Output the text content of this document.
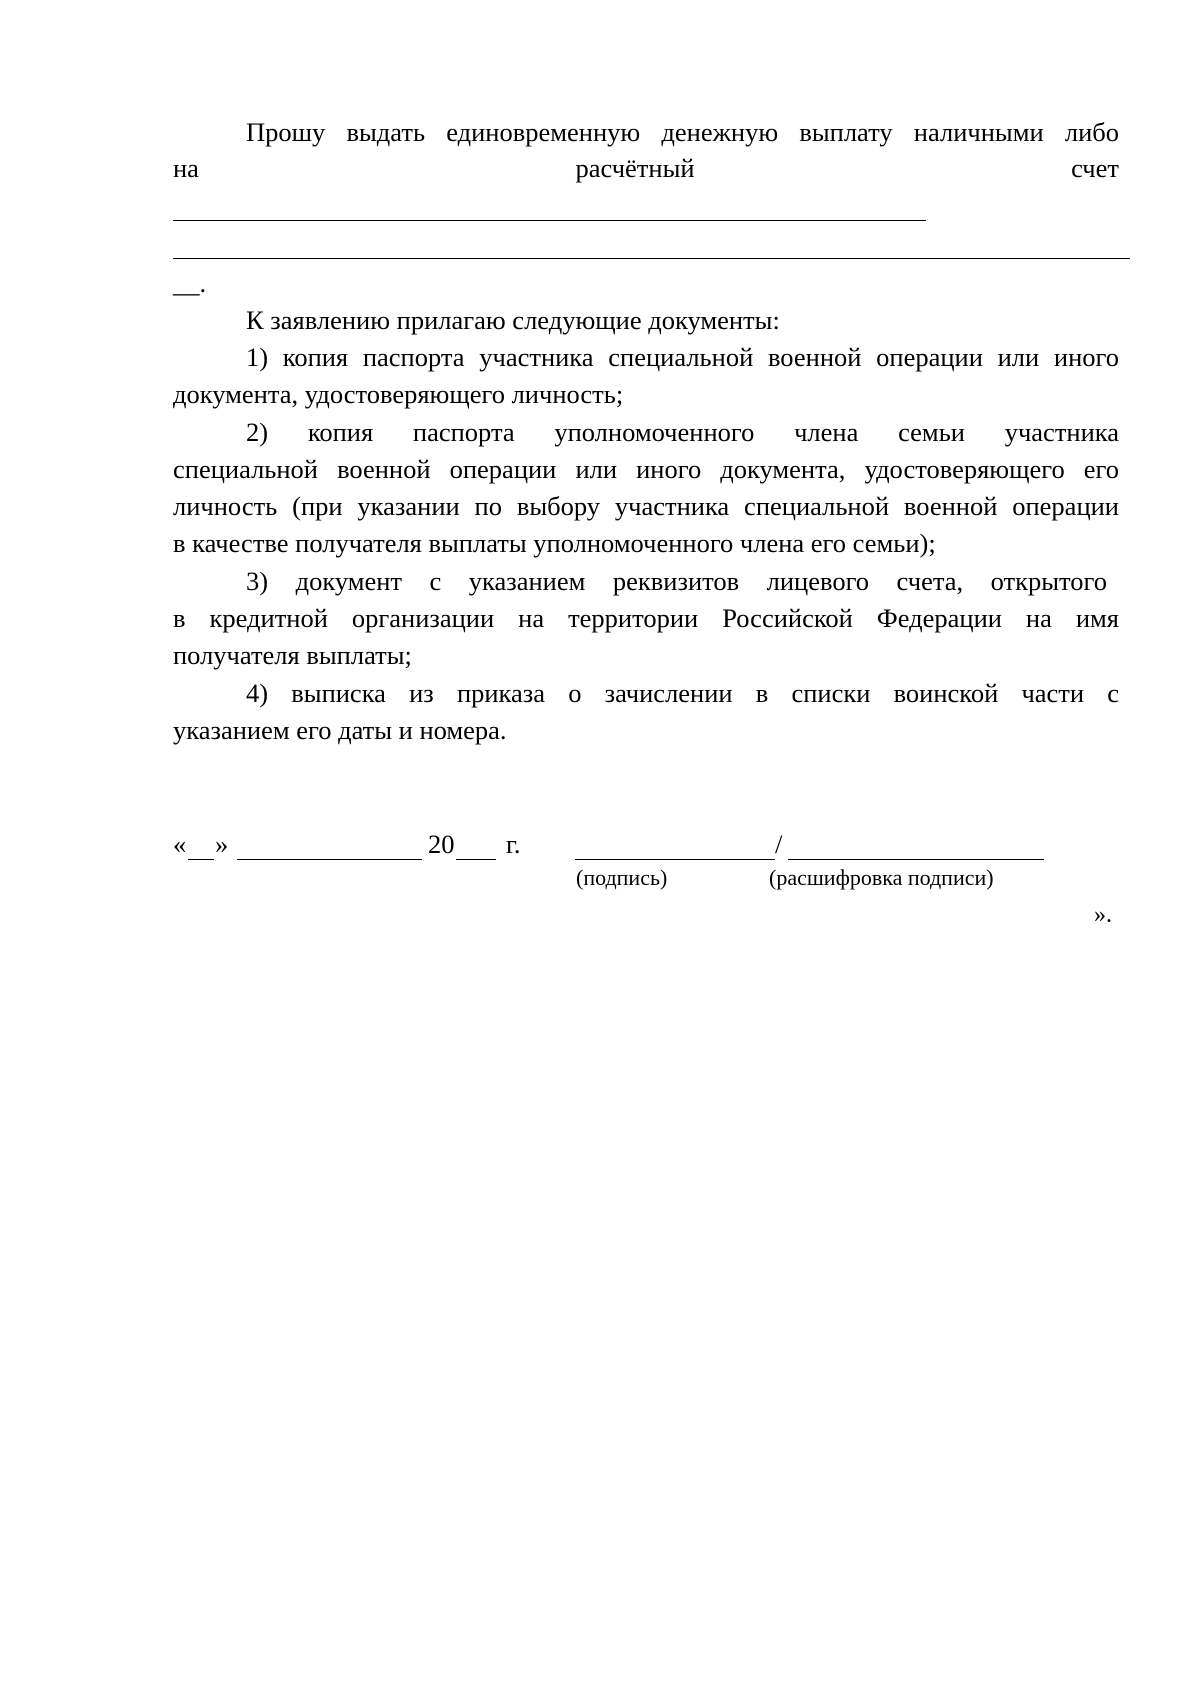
Прошу выдать единовременную денежную выплату наличными либо
на	расчётный	счет
__.
К заявлению прилагаю следующие документы:
1) копия паспорта участника специальной военной операции или иного
документа, удостоверяющего личность;
2) копия паспорта уполномоченного члена семьи участника
специальной военной операции или иного документа, удостоверяющего его
личность (при указании по выбору участника специальной военной операции
в качестве получателя выплаты уполномоченного члена его семьи);
3) документ с указанием реквизитов лицевого счета, открытого
в кредитной организации на территории Российской Федерации на имя
получателя выплаты;
4) выписка из приказа о зачислении в списки воинской части с
указанием его даты и номера.
« »	20 г.	/
(подпись)	(расшифровка подписи)
».
